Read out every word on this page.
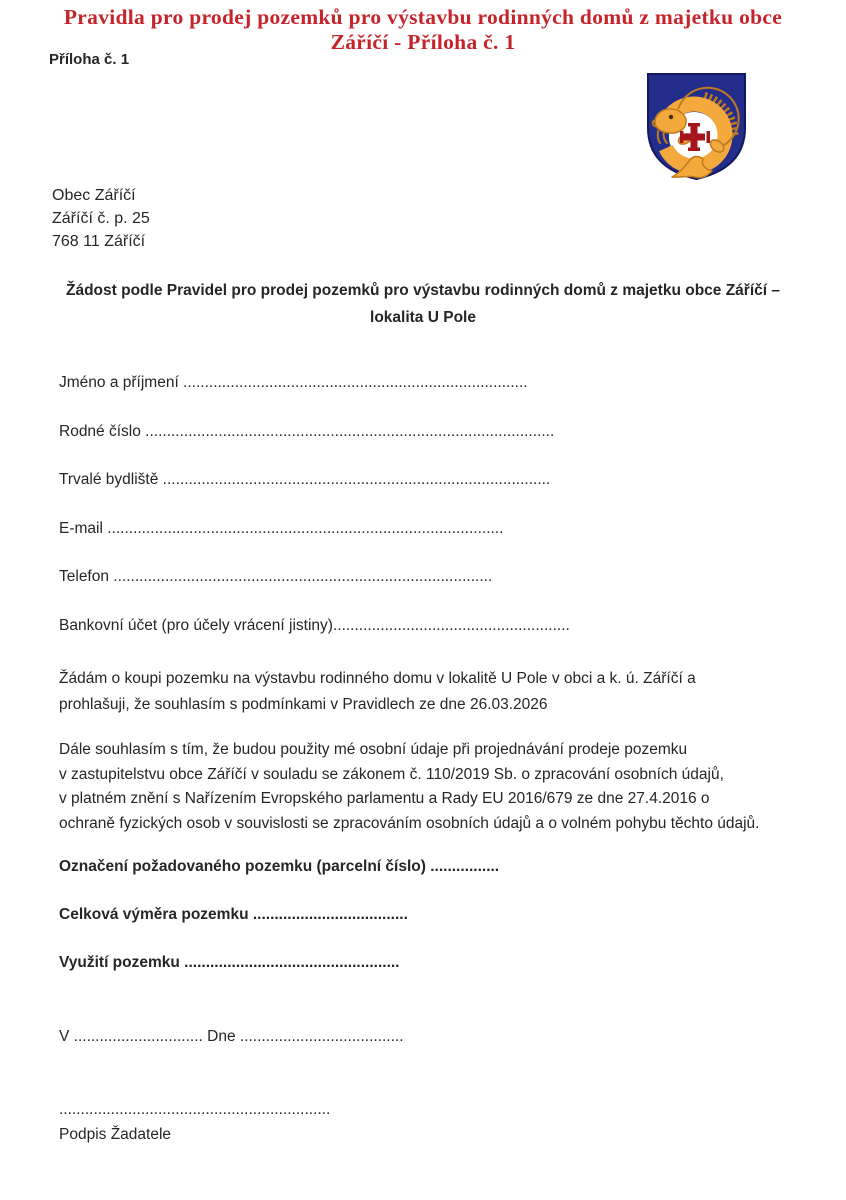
Pravidla pro prodej pozemků pro výstavbu rodinných domů z majetku obce
Záříčí - Příloha č. 1
Příloha č. 1
Obec Záříčí
Záříčí č. p. 25
768 11 Záříčí
Žádost podle Pravidel pro prodej pozemků pro výstavbu rodinných domů z majetku obce Záříčí –
lokalita U Pole
Jméno a příjmení ................................................................................
Rodné číslo ...............................................................................................
Trvalé bydliště ..........................................................................................
E-mail ............................................................................................
Telefon ........................................................................................
Bankovní účet (pro účely vrácení jistiny).......................................................
Žádám o koupi pozemku na výstavbu rodinného domu v lokalitě U Pole v obci a k. ú. Záříčí a
prohlašuji, že souhlasím s podmínkami v Pravidlech ze dne 26.03.2026
Dále souhlasím s tím, že budou použity mé osobní údaje při projednávání prodeje pozemku
v zastupitelstvu obce Záříčí v souladu se zákonem č. 110/2019 Sb. o zpracování osobních údajů,
v platném znění s Nařízením Evropského parlamentu a Rady EU 2016/679 ze dne 27.4.2016 o
ochraně fyzických osob v souvislosti se zpracováním osobních údajů a o volném pohybu těchto údajů.
Označení požadovaného pozemku (parcelní číslo) ................
Celková výměra pozemku ....................................
Využití pozemku ..................................................
V .............................. Dne ......................................
...............................................................
Podpis Žadatele
